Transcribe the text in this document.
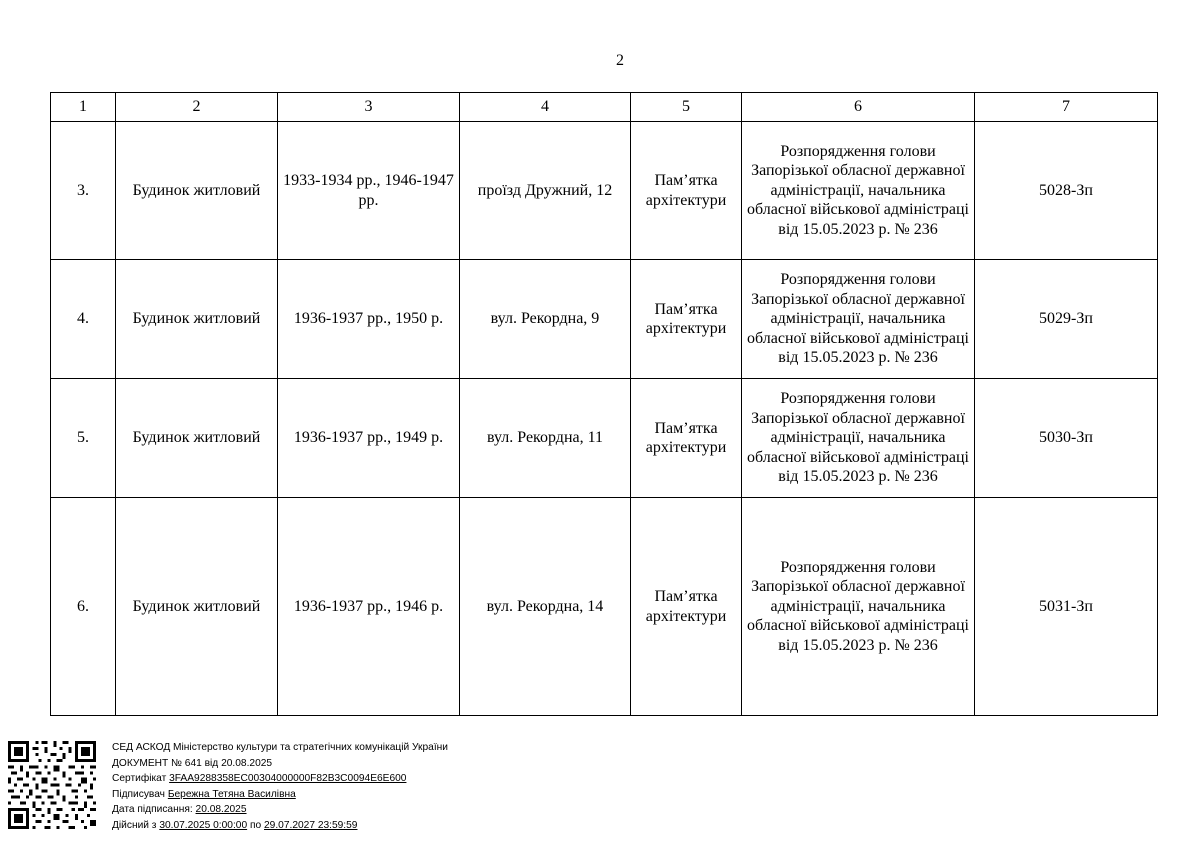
2
1	2	3	4	5	6	7
3.	Будинок житловий	1933-1934 рр., 1946-1947 рр.	проїзд Дружний, 12	Пам’ятка архітектури	Розпорядження голови Запорізької обласної державної адміністрації, начальника обласної військової адміністраці від 15.05.2023 р. № 236	5028-Зп
4.	Будинок житловий	1936-1937 рр., 1950 р.	вул. Рекордна, 9	Пам’ятка архітектури	Розпорядження голови Запорізької обласної державної адміністрації, начальника обласної військової адміністраці від 15.05.2023 р. № 236	5029-Зп
5.	Будинок житловий	1936-1937 рр., 1949 р.	вул. Рекордна, 11	Пам’ятка архітектури	Розпорядження голови Запорізької обласної державної адміністрації, начальника обласної військової адміністраці від 15.05.2023 р. № 236	5030-Зп
6.	Будинок житловий	1936-1937 рр., 1946 р.	вул. Рекордна, 14	Пам’ятка архітектури	Розпорядження голови Запорізької обласної державної адміністрації, начальника обласної військової адміністраці від 15.05.2023 р. № 236	5031-Зп
СЕД АСКОД Міністерство культури та стратегічних комунікацій України
ДОКУМЕНТ № 641 від 20.08.2025
Сертифікат 3FAA9288358EC00304000000F82B3C0094E6E600
Підписувач Бережна Тетяна Василівна
Дата підписання: 20.08.2025
Дійсний з 30.07.2025 0:00:00 по 29.07.2027 23:59:59
